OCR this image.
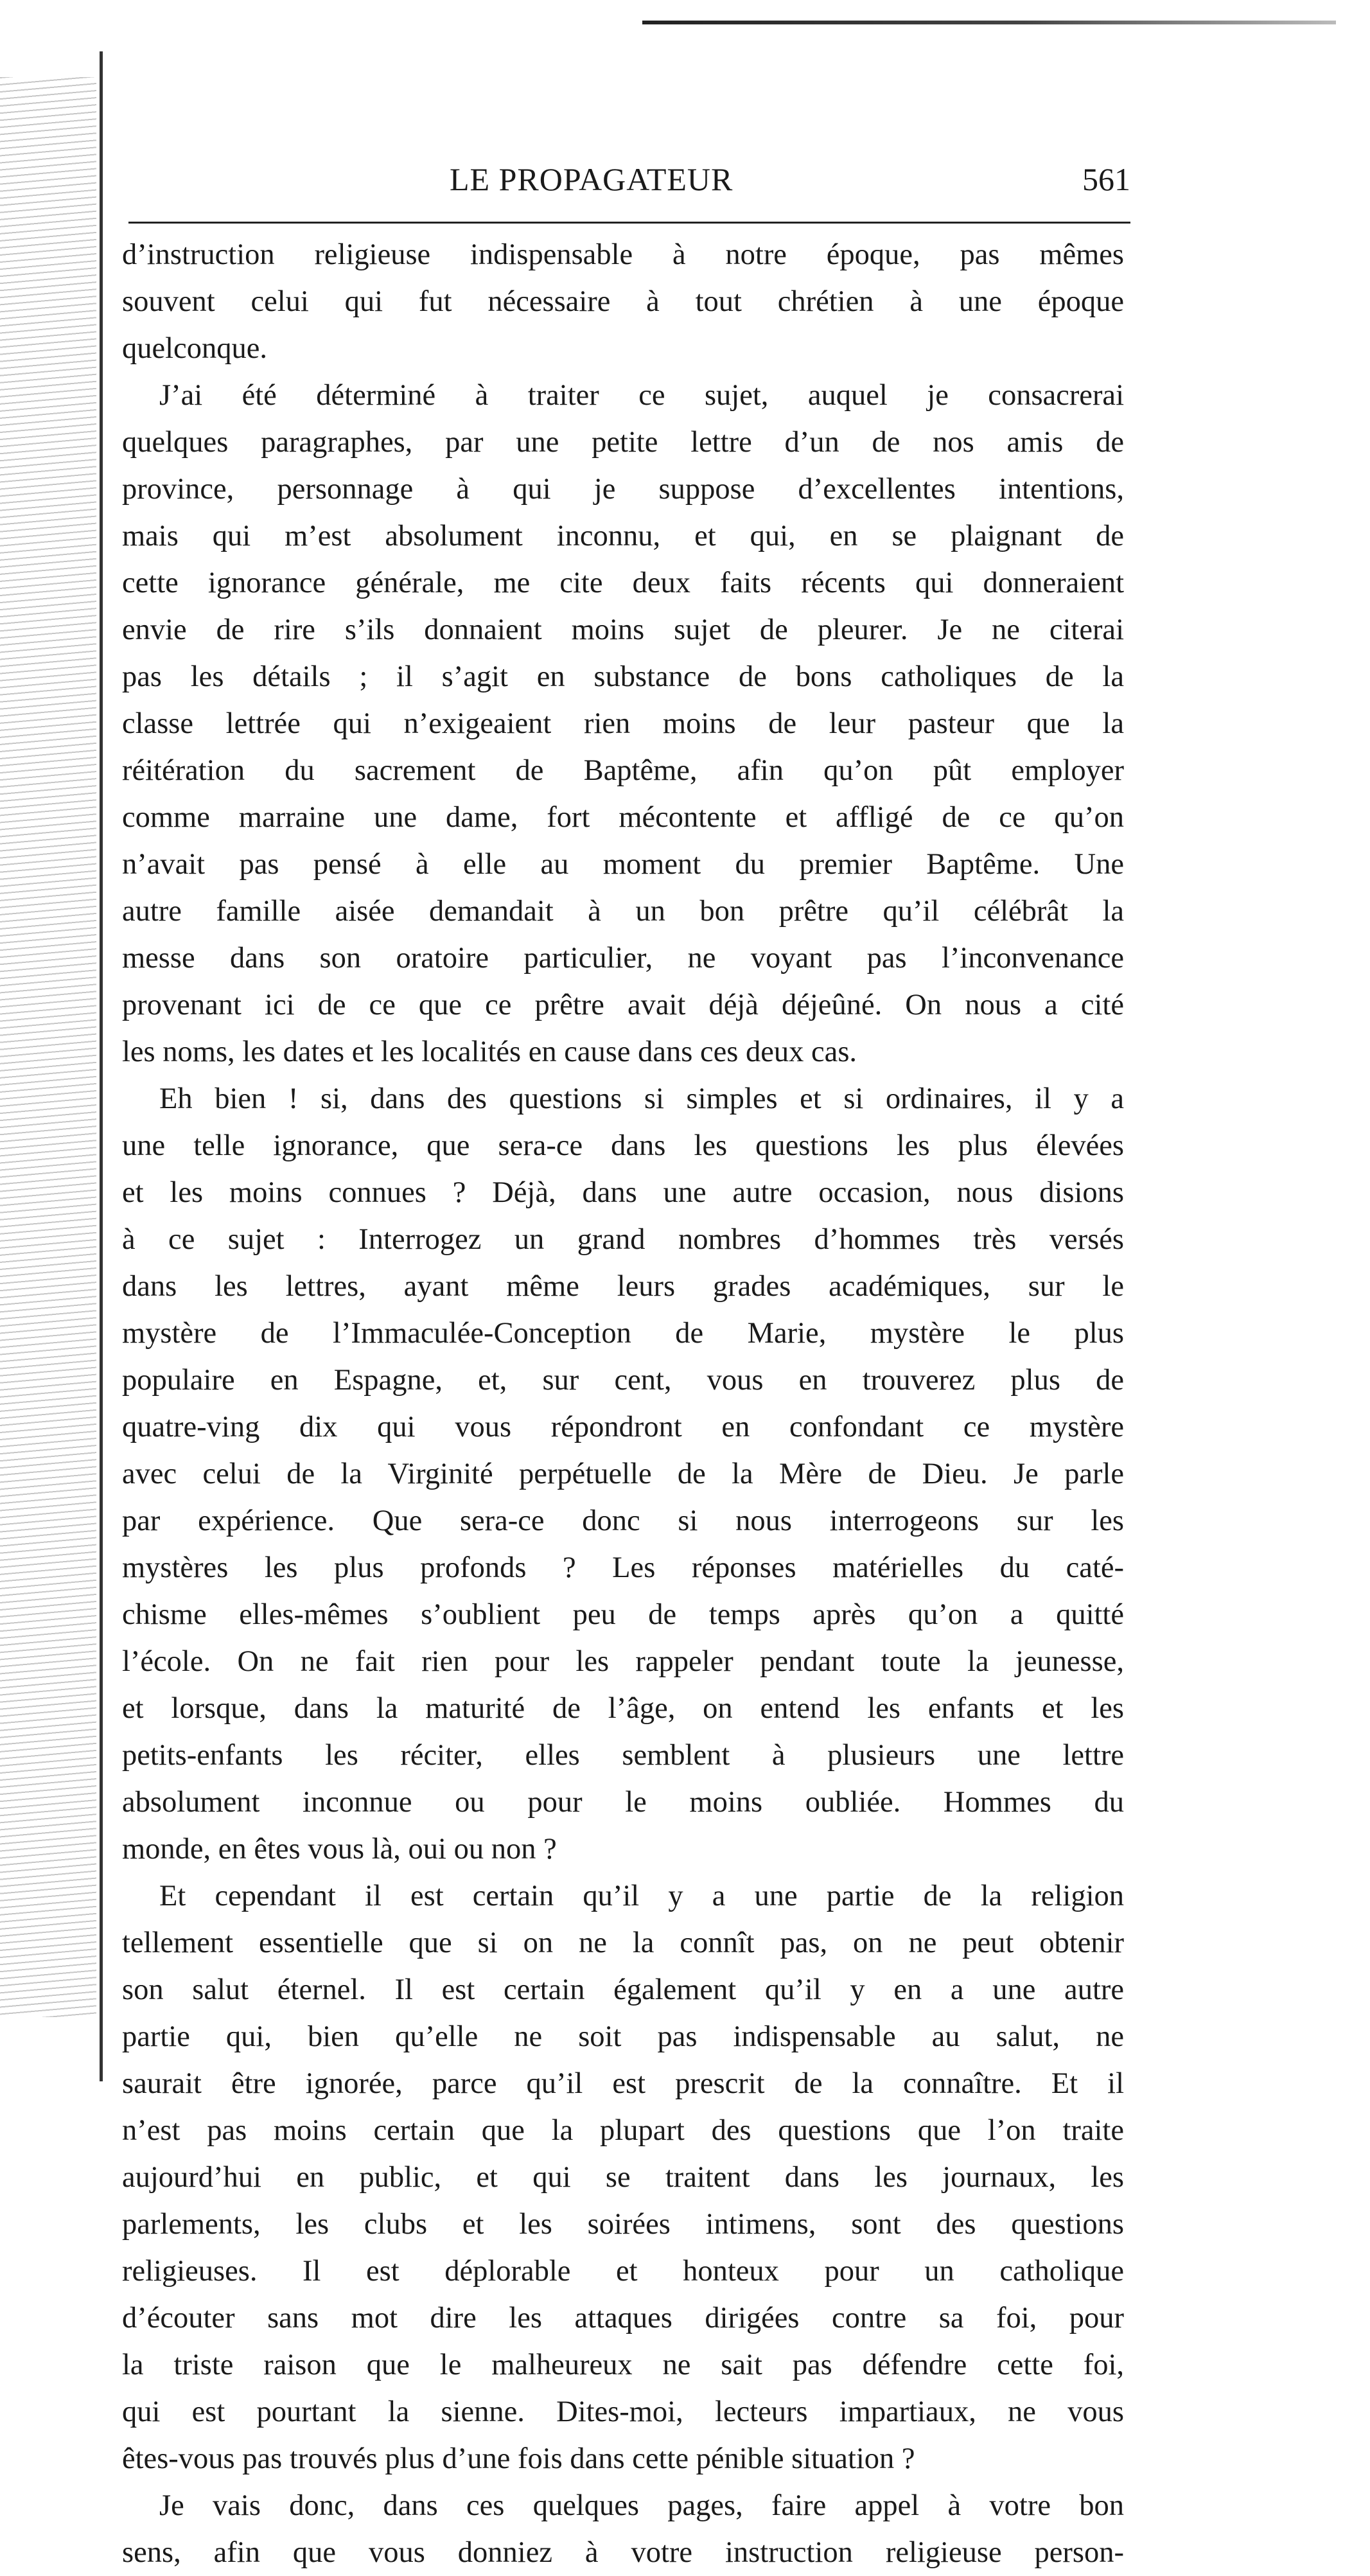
LE PROPAGATEUR	561
d’instruction religieuse indispensable à notre époque, pas mêmes
souvent celui qui fut nécessaire à tout chrétien à une époque
quelconque.
J’ai été déterminé à traiter ce sujet, auquel je consacrerai
quelques paragraphes, par une petite lettre d’un de nos amis de
province, personnage à qui je suppose d’excellentes intentions,
mais qui m’est absolument inconnu, et qui, en se plaignant de
cette ignorance générale, me cite deux faits récents qui donneraient
envie de rire s’ils donnaient moins sujet de pleurer. Je ne citerai
pas les détails ; il s’agit en substance de bons catholiques de la
classe lettrée qui n’exigeaient rien moins de leur pasteur que la
réitération du sacrement de Baptême, afin qu’on pût employer
comme marraine une dame, fort mécontente et affligé de ce qu’on
n’avait pas pensé à elle au moment du premier Baptême. Une
autre famille aisée demandait à un bon prêtre qu’il célébrât la
messe dans son oratoire particulier, ne voyant pas l’inconvenance
provenant ici de ce que ce prêtre avait déjà déjeûné. On nous a cité
les noms, les dates et les localités en cause dans ces deux cas.
Eh bien ! si, dans des questions si simples et si ordinaires, il y a
une telle ignorance, que sera-ce dans les questions les plus élevées
et les moins connues ? Déjà, dans une autre occasion, nous disions
à ce sujet : Interrogez un grand nombres d’hommes très versés
dans les lettres, ayant même leurs grades académiques, sur le
mystère de l’Immaculée-Conception de Marie, mystère le plus
populaire en Espagne, et, sur cent, vous en trouverez plus de
quatre-ving dix qui vous répondront en confondant ce mystère
avec celui de la Virginité perpétuelle de la Mère de Dieu. Je parle
par expérience. Que sera-ce donc si nous interrogeons sur les
mystères les plus profonds ? Les réponses matérielles du caté-
chisme elles-mêmes s’oublient peu de temps après qu’on a quitté
l’école. On ne fait rien pour les rappeler pendant toute la jeunesse,
et lorsque, dans la maturité de l’âge, on entend les enfants et les
petits-enfants les réciter, elles semblent à plusieurs une lettre
absolument inconnue ou pour le moins oubliée. Hommes du
monde, en êtes vous là, oui ou non ?
Et cependant il est certain qu’il y a une partie de la religion
tellement essentielle que si on ne la connît pas, on ne peut obtenir
son salut éternel. Il est certain également qu’il y en a une autre
partie qui, bien qu’elle ne soit pas indispensable au salut, ne
saurait être ignorée, parce qu’il est prescrit de la connaître. Et il
n’est pas moins certain que la plupart des questions que l’on traite
aujourd’hui en public, et qui se traitent dans les journaux, les
parlements, les clubs et les soirées intimens, sont des questions
religieuses. Il est déplorable et honteux pour un catholique
d’écouter sans mot dire les attaques dirigées contre sa foi, pour
la triste raison que le malheureux ne sait pas défendre cette foi,
qui est pourtant la sienne. Dites-moi, lecteurs impartiaux, ne vous
êtes-vous pas trouvés plus d’une fois dans cette pénible situation ?
Je vais donc, dans ces quelques pages, faire appel à votre bon
sens, afin que vous donniez à votre instruction religieuse person-
